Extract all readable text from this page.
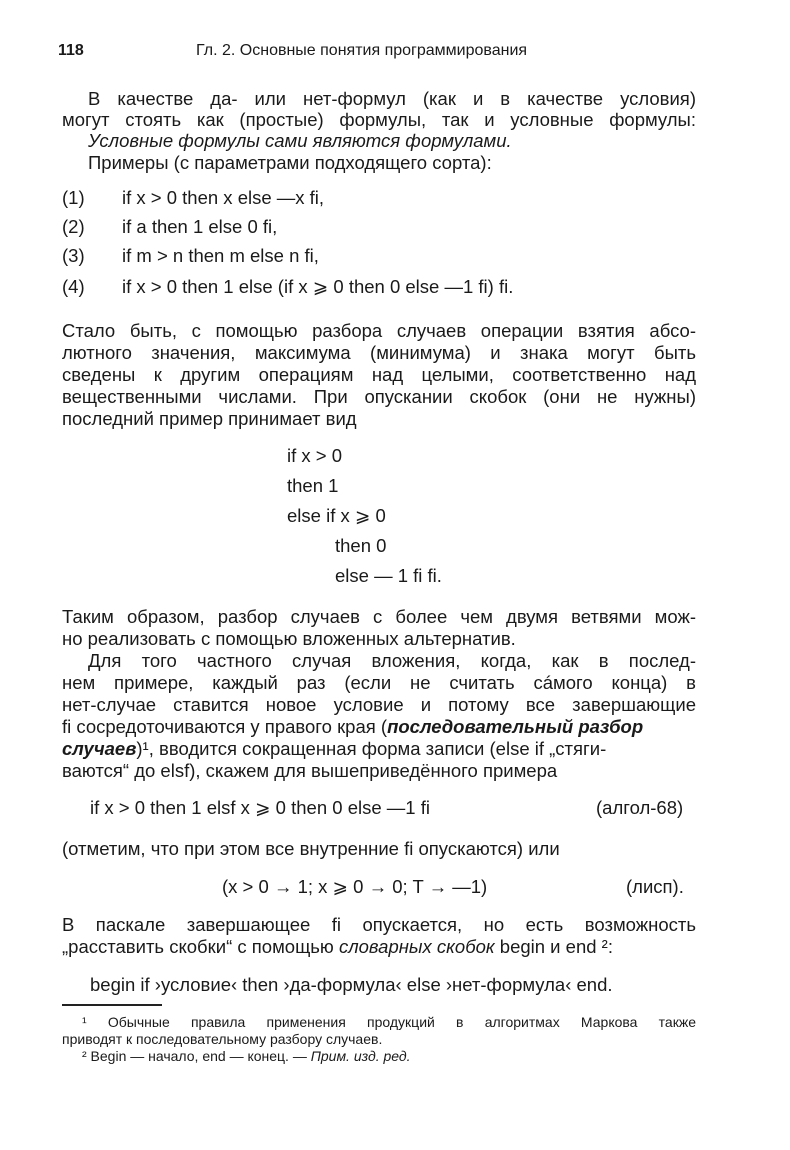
118	Гл. 2. Основные понятия программирования
В качестве да- или нет-формул (как и в качестве условия)
могут стоять как (простые) формулы, так и условные формулы:
Условные формулы сами являются формулами.
Примеры (с параметрами подходящего сорта):
(1) if x > 0 then x else —x fi,
(2) if a then 1 else 0 fi,
(3) if m > n then m else n fi,
(4) if x > 0 then 1 else (if x ⩾ 0 then 0 else —1 fi) fi.
Стало быть, с помощью разбора случаев операции взятия абсо-
лютного значения, максимума (минимума) и знака могут быть
сведены к другим операциям над целыми, соответственно над
вещественными числами. При опускании скобок (они не нужны)
последний пример принимает вид
if x > 0
then 1
else if x ⩾ 0
then 0
else — 1 fi fi.
Таким образом, разбор случаев с более чем двумя ветвями мож-
но реализовать с помощью вложенных альтернатив.
Для того частного случая вложения, когда, как в послед-
нем примере, каждый раз (если не считать сáмого конца) в
нет-случае ставится новое условие и потому все завершающие
fi сосредоточиваются у правого края (последовательный разбор
случаев)¹, вводится сокращенная форма записи (else if „стяги-
ваются“ до elsf), скажем для вышеприведённого примера
if x > 0 then 1 elsf x ⩾ 0 then 0 else —1 fi	(алгол-68)
(отметим, что при этом все внутренние fi опускаются) или
(x > 0 → 1; x ⩾ 0 → 0; T → —1)	(лисп).
В паскале завершающее fi опускается, но есть возможность
„расставить скобки“ с помощью словарных скобок begin и end ²:
begin if ›условие‹ then ›да-формула‹ else ›нет-формула‹ end.
¹ Обычные правила применения продукций в алгоритмах Маркова также
приводят к последовательному разбору случаев.
² Begin — начало, end — конец. — Прим. изд. ред.
